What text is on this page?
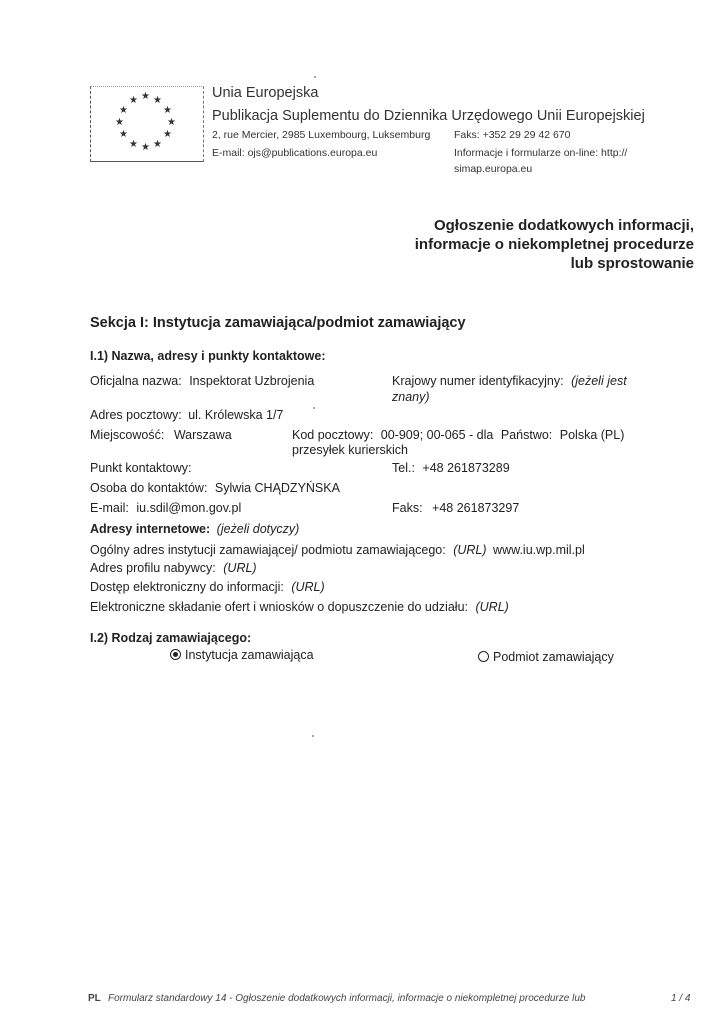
★ ★ ★
★	★
★	★
★	★
★ ★ ★
Unia Europejska
Publikacja Suplementu do Dziennika Urzędowego Unii Europejskiej
2, rue Mercier, 2985 Luxembourg, Luksemburg Faks: +352 29 29 42 670
E-mail: ojs@publications.europa.eu	Informacje i formularze on-line: http://
simap.europa.eu
Ogłoszenie dodatkowych informacji, informacje o niekompletnej procedurze lub sprostowanie
Sekcja I: Instytucja zamawiająca/podmiot zamawiający
I.1) Nazwa, adresy i punkty kontaktowe:
Oficjalna nazwa: Inspektorat Uzbrojenia	Krajowy numer identyfikacyjny: (jeżeli jest
znany)
Adres pocztowy: ul. Królewska 1/7
Miejscowość: Warszawa	Kod pocztowy: 00-909; 00-065 - dla Państwo: Polska (PL)
przesyłek kurierskich
Punkt kontaktowy:	Tel.: +48 261873289
Osoba do kontaktów: Sylwia CHĄDZYŃSKA
E-mail: iu.sdil@mon.gov.pl	Faks: +48 261873297
Adresy internetowe: (jeżeli dotyczy)
Ogólny adres instytucji zamawiającej/ podmiotu zamawiającego: (URL) www.iu.wp.mil.pl
Adres profilu nabywcy: (URL)
Dostęp elektroniczny do informacji: (URL)
Elektroniczne składanie ofert i wniosków o dopuszczenie do udziału: (URL)
I.2) Rodzaj zamawiającego:
Instytucja zamawiająca	Podmiot zamawiający
PL Formularz standardowy 14 - Ogłoszenie dodatkowych informacji, informacje o niekompletnej procedurze lub	1 / 4
